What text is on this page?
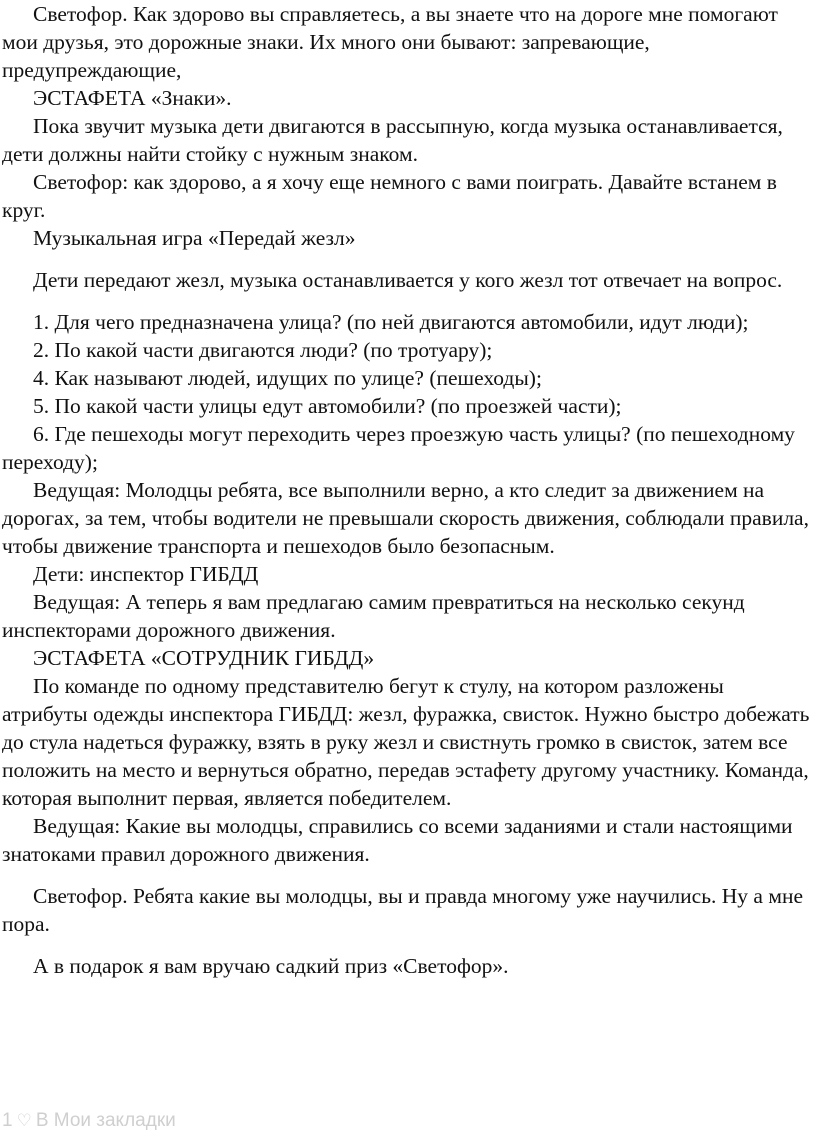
Светофор. Как здорово вы справляетесь, а вы знаете что на дороге мне помогают мои друзья, это дорожные знаки. Их много они бывают: запревающие, предупреждающие,

ЭСТАФЕТА «Знаки».

Пока звучит музыка дети двигаются в рассыпную, когда музыка останавливается, дети должны найти стойку с нужным знаком.

Светофор: как здорово, а я хочу еще немного с вами поиграть. Давайте встанем в круг.

Музыкальная игра «Передай жезл»

Дети передают жезл, музыка останавливается у кого жезл тот отвечает на вопрос.

1. Для чего предназначена улица? (по ней двигаются автомобили, идут люди);

2. По какой части двигаются люди? (по тротуару);

4. Как называют людей, идущих по улице? (пешеходы);

5. По какой части улицы едут автомобили? (по проезжей части);

6. Где пешеходы могут переходить через проезжую часть улицы? (по пешеходному переходу);

Ведущая: Молодцы ребята, все выполнили верно, а кто следит за движением на дорогах, за тем, чтобы водители не превышали скорость движения, соблюдали правила, чтобы движение транспорта и пешеходов было безопасным.

Дети: инспектор ГИБДД

Ведущая: А теперь я вам предлагаю самим превратиться на несколько секунд инспекторами дорожного движения.

ЭСТАФЕТА «СОТРУДНИК ГИБДД»

По команде по одному представителю бегут к стулу, на котором разложены атрибуты одежды инспектора ГИБДД: жезл, фуражка, свисток. Нужно быстро добежать до стула надеться фуражку, взять в руку жезл и свистнуть громко в свисток, затем все положить на место и вернуться обратно, передав эстафету другому участнику. Команда, которая выполнит первая, является победителем.

Ведущая: Какие вы молодцы, справились со всеми заданиями и стали настоящими знатоками правил дорожного движения.

Светофор. Ребята какие вы молодцы, вы и правда многому уже научились. Ну а мне пора.

А в подарок я вам вручаю садкий приз «Светофор».

1 ♡ В Мои закладки
